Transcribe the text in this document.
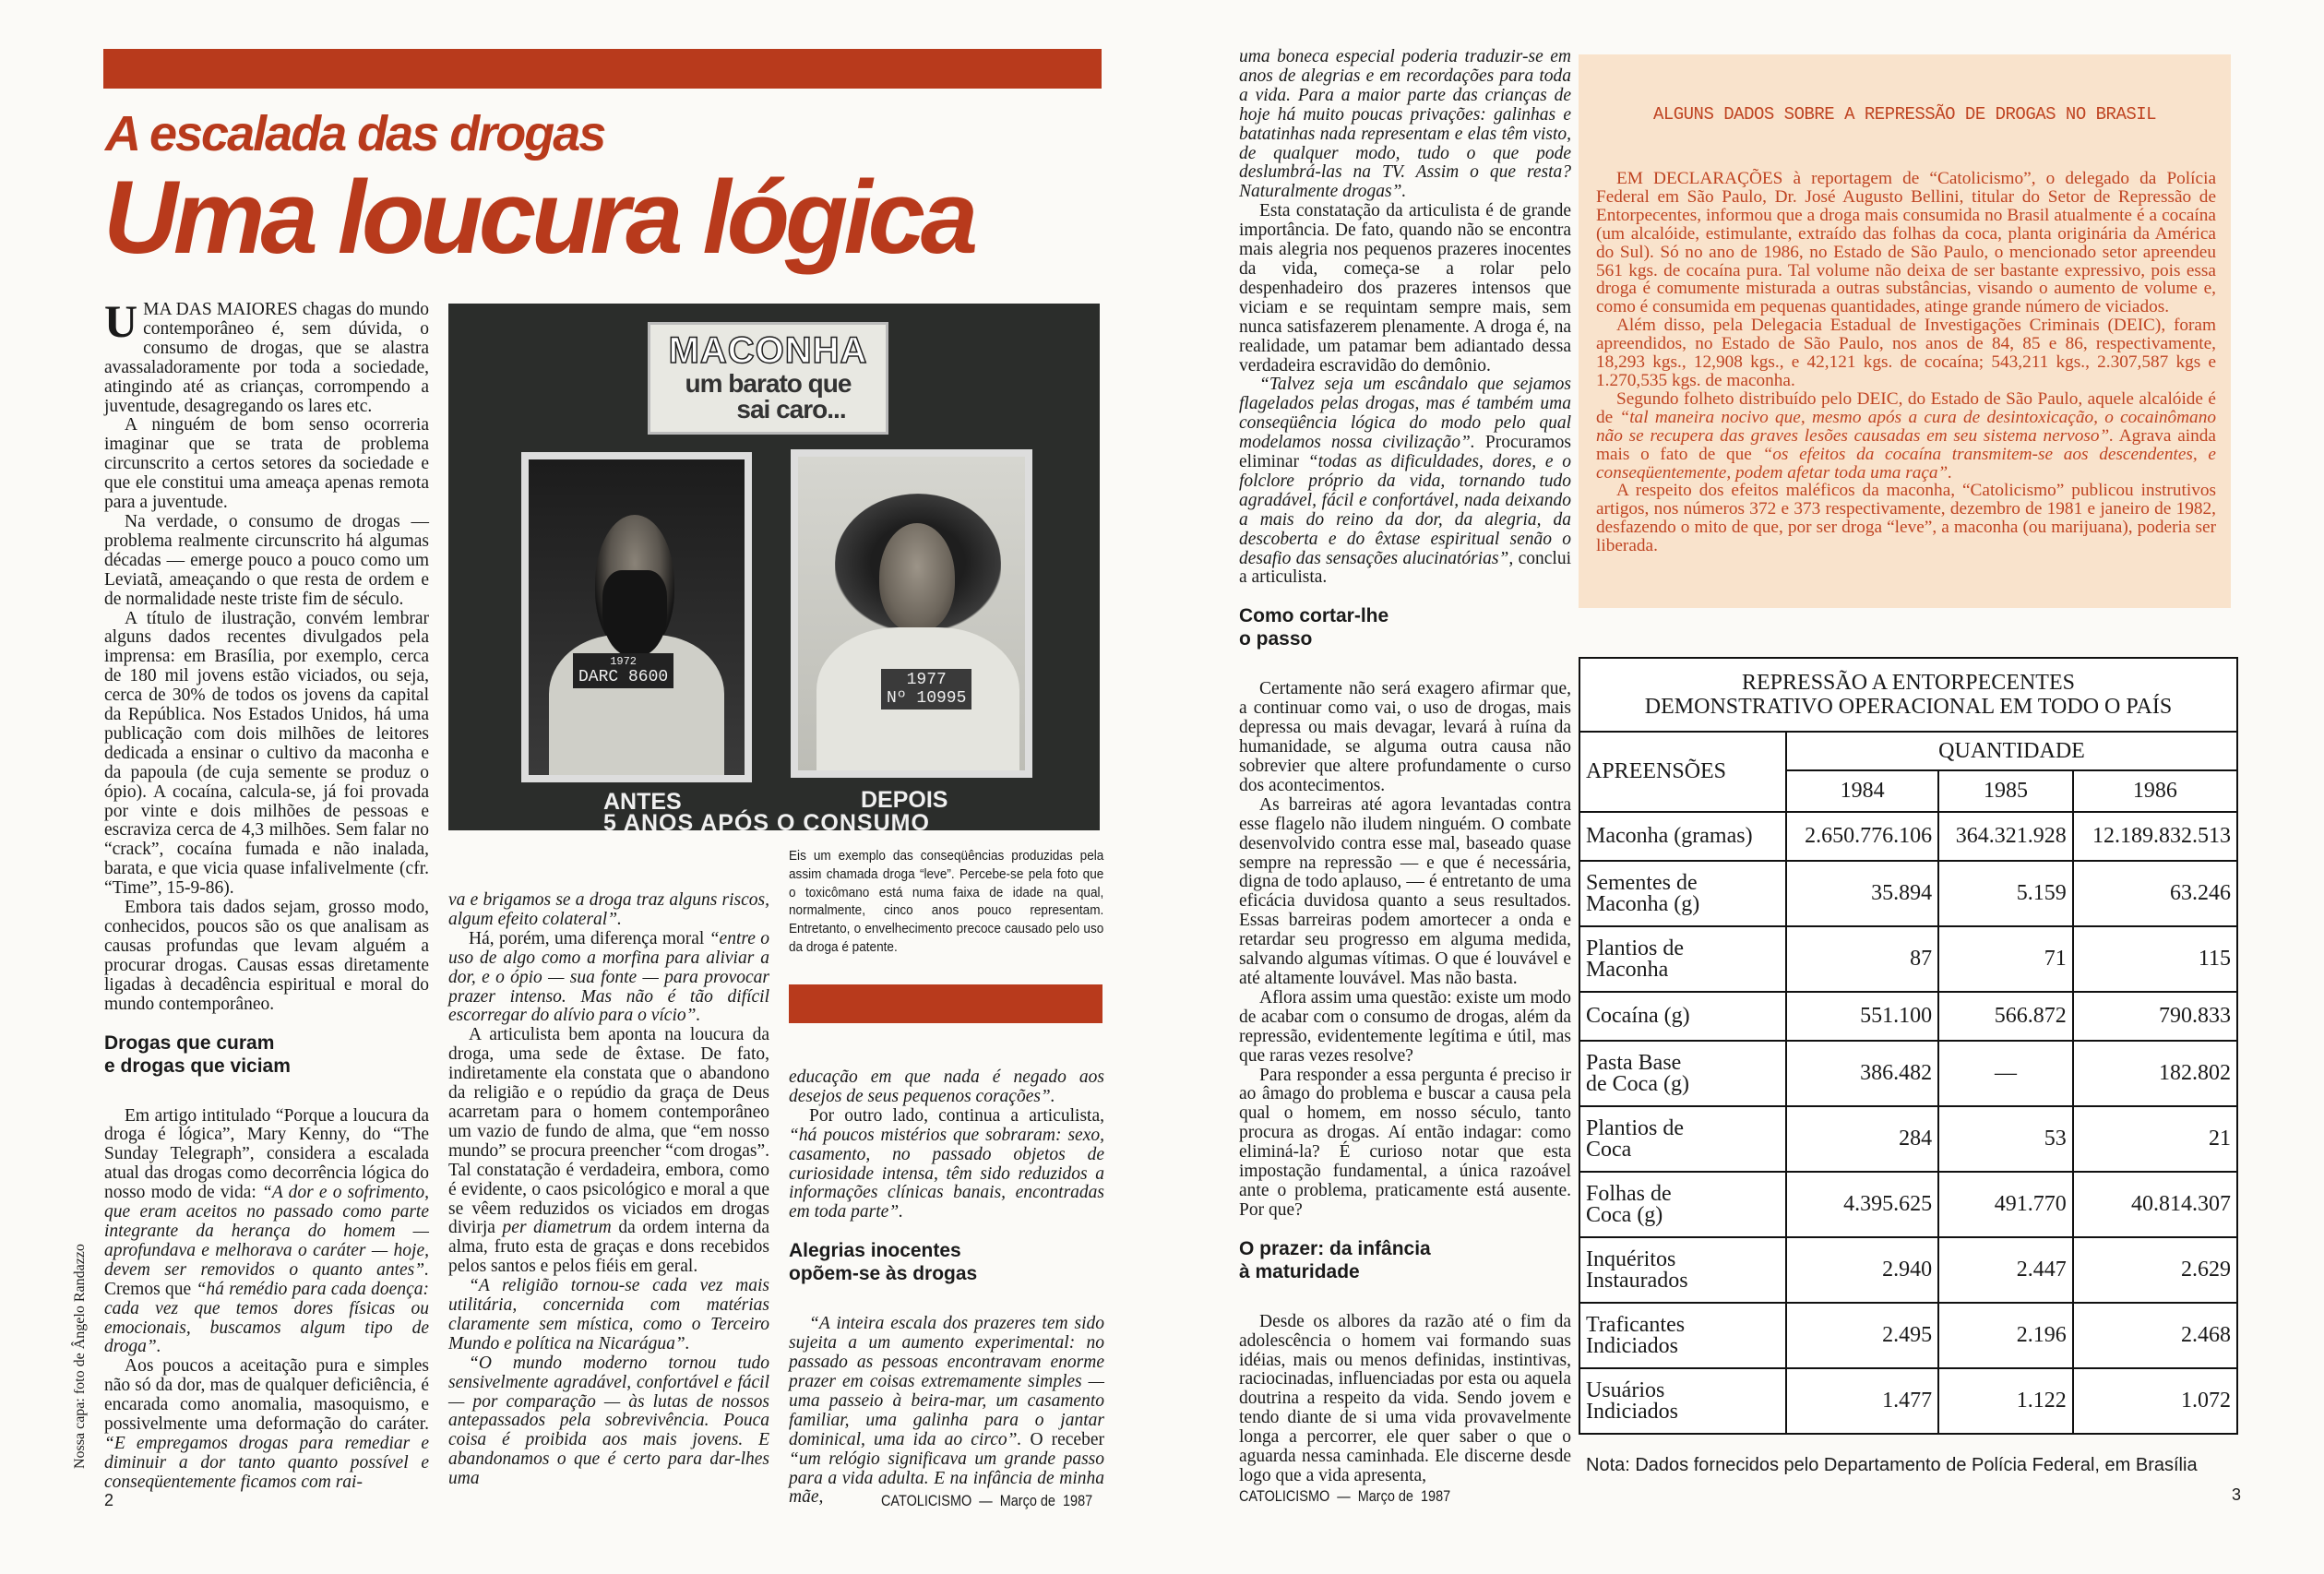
A escalada das drogas
Uma loucura lógica

UMA DAS MAIORES chagas do mundo contemporâneo é, sem dúvida, o consumo de drogas, que se alastra avassaladoramente por toda a sociedade, atingindo até as crianças, corrompendo a juventude, desagregando os lares etc.

A ninguém de bom senso ocorreria imaginar que se trata de problema circunscrito a certos setores da sociedade e que ele constitui uma ameaça apenas remota para a juventude.

Na verdade, o consumo de drogas — problema realmente circunscrito há algumas décadas — emerge pouco a pouco como um Leviatã, ameaçando o que resta de ordem e de normalidade neste triste fim de século.

A título de ilustração, convém lembrar alguns dados recentes divulgados pela imprensa: em Brasília, por exemplo, cerca de 180 mil jovens estão viciados, ou seja, cerca de 30% de todos os jovens da capital da República. Nos Estados Unidos, há uma publicação com dois milhões de leitores dedicada a ensinar o cultivo da maconha e da papoula (de cuja semente se produz o ópio). A cocaína, calcula-se, já foi provada por vinte e dois milhões de pessoas e escraviza cerca de 4,3 milhões. Sem falar no “crack”, cocaína fumada e não inalada, barata, e que vicia quase infalivelmente (cfr. “Time”, 15-9-86).

Embora tais dados sejam, grosso modo, conhecidos, poucos são os que analisam as causas profundas que levam alguém a procurar drogas. Causas essas diretamente ligadas à decadência espiritual e moral do mundo contemporâneo.

Drogas que curam
e drogas que viciam

Em artigo intitulado “Porque a loucura da droga é lógica”, Mary Kenny, do “The Sunday Telegraph”, considera a escalada atual das drogas como decorrência lógica do nosso modo de vida: “A dor e o sofrimento, que eram aceitos no passado como parte integrante da herança do homem — aprofundava e melhorava o caráter — hoje, devem ser removidos o quanto antes”. Cremos que “há remédio para cada doença: cada vez que temos dores físicas ou emocionais, buscamos algum tipo de droga”.

Aos poucos a aceitação pura e simples não só da dor, mas de qualquer deficiência, é encarada como anomalia, masoquismo, e possivelmente uma deformação do caráter. “E empregamos drogas para remediar e diminuir a dor tanto quanto possível e conseqüentemente ficamos com rai-

MACONHA
um barato que
sai caro...
1972
DARC 8600	1977
Nº 10995
ANTES	DEPOIS
5 ANOS APÓS O CONSUMO
Eis um exemplo das conseqüências produzidas pela assim chamada droga “leve”. Percebe-se pela foto que o toxicômano está numa faixa de idade na qual, normalmente, cinco anos pouco representam. Entretanto, o envelhecimento precoce causado pelo uso da droga é patente.

va e brigamos se a droga traz alguns riscos, algum efeito colateral”.

Há, porém, uma diferença moral “entre o uso de algo como a morfina para aliviar a dor, e o ópio — sua fonte — para provocar prazer intenso. Mas não é tão difícil escorregar do alívio para o vício”.

A articulista bem aponta na loucura da droga, uma sede de êxtase. De fato, indiretamente ela constata que o abandono da religião e o repúdio da graça de Deus acarretam para o homem contemporâneo um vazio de fundo de alma, que “em nosso mundo” se procura preencher “com drogas”. Tal constatação é verdadeira, embora, como é evidente, o caos psicológico e moral a que se vêem reduzidos os viciados em drogas divirja per diametrum da ordem interna da alma, fruto esta de graças e dons recebidos pelos santos e pelos fiéis em geral.

“A religião tornou-se cada vez mais utilitária, concernida com matérias claramente sem mística, como o Terceiro Mundo e política na Nicarágua”.

“O mundo moderno tornou tudo sensivelmente agradável, confortável e fácil — por comparação — às lutas de nossos antepassados pela sobrevivência. Pouca coisa é proibida aos mais jovens. E abandonamos o que é certo para dar-lhes uma

educação em que nada é negado aos desejos de seus pequenos corações”.

Por outro lado, continua a articulista, “há poucos mistérios que sobraram: sexo, casamento, no passado objetos de curiosidade intensa, têm sido reduzidos a informações clínicas banais, encontradas em toda parte”.

Alegrias inocentes
opõem-se às drogas

“A inteira escala dos prazeres tem sido sujeita a um aumento experimental: no passado as pessoas encontravam enorme prazer em coisas extremamente simples — uma passeio à beira-mar, um casamento familiar, uma galinha para o jantar dominical, uma ida ao circo”. O receber “um relógio significava um grande passo para a vida adulta. E na infância de minha mãe,

Nossa capa: foto de Ângelo Randazzo
2	CATOLICISMO  —  Março de  1987

uma boneca especial poderia traduzir-se em anos de alegrias e em recordações para toda a vida. Para a maior parte das crianças de hoje há muito poucas privações: galinhas e batatinhas nada representam e elas têm visto, de qualquer modo, tudo o que pode deslumbrá-las na TV. Assim o que resta? Naturalmente drogas”.

Esta constatação da articulista é de grande importância. De fato, quando não se encontra mais alegria nos pequenos prazeres inocentes da vida, começa-se a rolar pelo despenhadeiro dos prazeres intensos que viciam e se requintam sempre mais, sem nunca satisfazerem plenamente. A droga é, na realidade, um patamar bem adiantado dessa verdadeira escravidão do demônio.

“Talvez seja um escândalo que sejamos flagelados pelas drogas, mas é também uma conseqüência lógica do modo pelo qual modelamos nossa civilização”. Procuramos eliminar “todas as dificuldades, dores, e o folclore próprio da vida, tornando tudo agradável, fácil e confortável, nada deixando a mais do reino da dor, da alegria, da descoberta e do êxtase espiritual senão o desafio das sensações alucinatórias”, conclui a articulista.

Como cortar-lhe
o passo

Certamente não será exagero afirmar que, a continuar como vai, o uso de drogas, mais depressa ou mais devagar, levará à ruína da humanidade, se alguma outra causa não sobrevier que altere profundamente o curso dos acontecimentos.

As barreiras até agora levantadas contra esse flagelo não iludem ninguém. O combate desenvolvido contra esse mal, baseado quase sempre na repressão — e que é necessária, digna de todo aplauso, — é entretanto de uma eficácia duvidosa quanto a seus resultados. Essas barreiras podem amortecer a onda e retardar seu progresso em alguma medida, salvando algumas vítimas. O que é louvável e até altamente louvável. Mas não basta.

Aflora assim uma questão: existe um modo de acabar com o consumo de drogas, além da repressão, evidentemente legítima e útil, mas que raras vezes resolve?

Para responder a essa pergunta é preciso ir ao âmago do problema e buscar a causa pela qual o homem, em nosso século, tanto procura as drogas. Aí então indagar: como eliminá-la? É curioso notar que esta impostação fundamental, a única razoável ante o problema, praticamente está ausente. Por que?

O prazer: da infância
à maturidade

Desde os albores da razão até o fim da adolescência o homem vai formando suas idéias, mais ou menos definidas, instintivas, raciocinadas, influenciadas por esta ou aquela doutrina a respeito da vida. Sendo jovem e tendo diante de si uma vida provavelmente longa a percorrer, ele quer saber o que o aguarda nessa caminhada. Ele discerne desde logo que a vida apresenta,

ALGUNS DADOS SOBRE A REPRESSÃO DE DROGAS NO BRASIL

EM DECLARAÇÕES à reportagem de “Catolicismo”, o delegado da Polícia Federal em São Paulo, Dr. José Augusto Bellini, titular do Setor de Repressão de Entorpecentes, informou que a droga mais consumida no Brasil atualmente é a cocaína (um alcalóide, estimulante, extraído das folhas da coca, planta originária da América do Sul). Só no ano de 1986, no Estado de São Paulo, o mencionado setor apreendeu 561 kgs. de cocaína pura. Tal volume não deixa de ser bastante expressivo, pois essa droga é comumente misturada a outras substâncias, visando o aumento de volume e, como é consumida em pequenas quantidades, atinge grande número de viciados.

Além disso, pela Delegacia Estadual de Investigações Criminais (DEIC), foram apreendidos, no Estado de São Paulo, nos anos de 84, 85 e 86, respectivamente, 18,293 kgs., 12,908 kgs., e 42,121 kgs. de cocaína; 543,211 kgs., 2.307,587 kgs e 1.270,535 kgs. de maconha.

Segundo folheto distribuído pelo DEIC, do Estado de São Paulo, aquele alcalóide é de “tal maneira nocivo que, mesmo após a cura de desintoxicação, o cocainômano não se recupera das graves lesões causadas em seu sistema nervoso”. Agrava ainda mais o fato de que “os efeitos da cocaína transmitem-se aos descendentes, e conseqüentemente, podem afetar toda uma raça”.

A respeito dos efeitos maléficos da maconha, “Catolicismo” publicou instrutivos artigos, nos números 372 e 373 respectivamente, dezembro de 1981 e janeiro de 1982, desfazendo o mito de que, por ser droga “leve”, a maconha (ou marijuana), poderia ser liberada.

REPRESSÃO A ENTORPECENTES
DEMONSTRATIVO OPERACIONAL EM TODO O PAÍS			
APREENSÕES	QUANTIDADE		
	1984	1985	1986
Maconha (gramas)	2.650.776.106	364.321.928	12.189.832.513
Sementes de
Maconha (g)	35.894	5.159	63.246
Plantios de
Maconha	87	71	115
Cocaína (g)	551.100	566.872	790.833
Pasta Base
de Coca (g)	386.482	—	182.802
Plantios de
Coca	284	53	21
Folhas de
Coca (g)	4.395.625	491.770	40.814.307
Inquéritos
Instaurados	2.940	2.447	2.629
Traficantes
Indiciados	2.495	2.196	2.468
Usuários
Indiciados	1.477	1.122	1.072
Nota: Dados fornecidos pelo Departamento de Polícia Federal, em Brasília
CATOLICISMO  —  Março de  1987	3
